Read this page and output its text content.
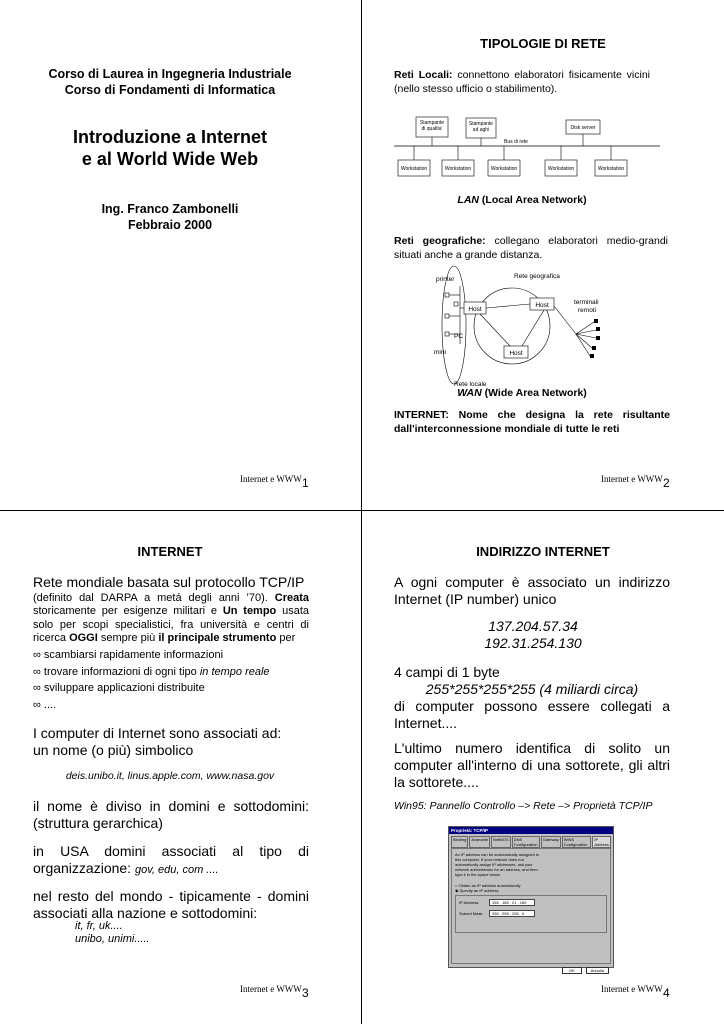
Corso di Laurea in Ingegneria Industriale
Corso di Fondamenti di Informatica
Introduzione a Internet
e al World Wide Web
Ing. Franco Zambonelli
Febbraio 2000
Internet e WWW 1
TIPOLOGIE DI RETE
Reti Locali: connettono elaboratori fisicamente vicini (nello stesso ufficio o stabilimento).
Stampante
di qualita'
Stampante
ad aghi
Bus di rete
Disk server
Workstation	Workstation	Workstation	Workstation	Workstation
LAN (Local Area Network)
Reti geografiche: collegano elaboratori medio-grandi situati anche a grande distanza.
printer	Rete geografica
PC
mini
Host
Host
Host
terminali
remoti
Rete locale
WAN (Wide Area Network)
INTERNET: Nome che designa la rete risultante dall'interconnessione mondiale di tutte le reti
Internet e WWW 2
INTERNET
Rete mondiale basata sul protocollo TCP/IP
(definito dal DARPA a metá degli anni ’70). Creata storicamente per esigenze militari e Un tempo usata solo per scopi specialistici, fra università e centri di ricerca OGGI sempre più il principale strumento per
∞ scambiarsi rapidamente informazioni
∞ trovare informazioni di ogni tipo in tempo reale
∞ sviluppare applicazioni distribuite
∞ ....
I computer di Internet sono associati ad:
un nome (o più) simbolico
deis.unibo.it, linus.apple.com, www.nasa.gov
il nome è diviso in domini e sottodomini: (struttura gerarchica)
in USA domini associati al tipo di organizzazione: gov, edu, com ....
nel resto del mondo - tipicamente - domini associati alla nazione e sottodomini:
it, fr, uk....
unibo, unimi.....
Internet e WWW 3
INDIRIZZO INTERNET
A ogni computer è associato un indirizzo Internet (IP number) unico
137.204.57.34
192.31.254.130
4 campi di 1 byte
255*255*255*255 (4 miliardi circa)
di computer possono essere collegati a Internet....
L'ultimo numero identifica di solito un computer all'interno di una sottorete, gli altri la sottorete....
Win95: Pannello Controllo –> Rete –> Proprietà TCP/IP
Proprietà: TCP/IP
Binding	Avanzate	NetBIOS	DNS Configuration
Gateway	WINS Configuration
IP Address
An IP address can be automatically assigned to this computer. If your network does not automatically assign IP addresses, ask your network administrator for an address, and then type it in the space below.
○ Obtain an IP address automatically
◉ Specify an IP address
IP Address:	155 . 185 . 21 . 189
Subnet Mask:	255 . 255 . 255 . 0
OK	Annulla
Internet e WWW 4
